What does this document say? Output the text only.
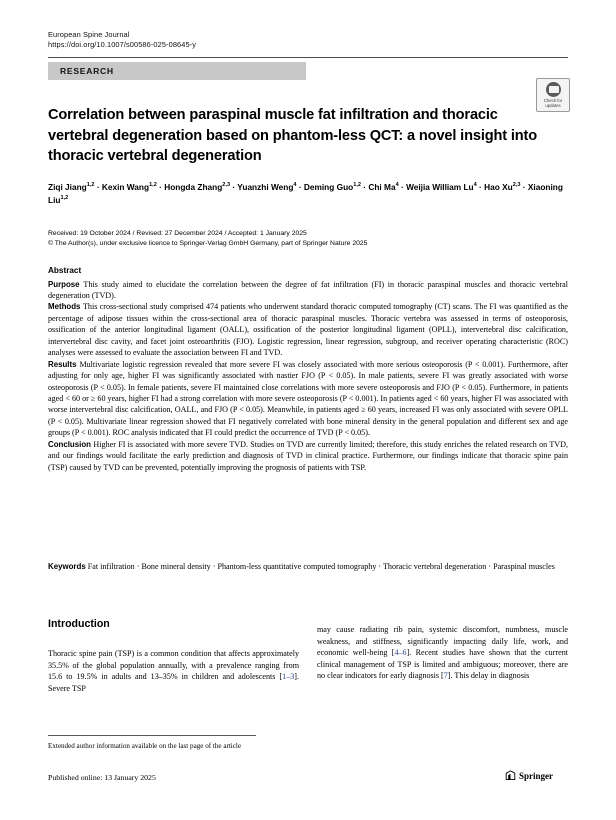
European Spine Journal
https://doi.org/10.1007/s00586-025-08645-y
RESEARCH
Check for
updates
Correlation between paraspinal muscle fat infiltration and thoracic vertebral degeneration based on phantom-less QCT: a novel insight into thoracic vertebral degeneration
Ziqi Jiang$^{1,2}$ · Kexin Wang$^{1,2}$ · Hongda Zhang$^{2,3}$ · Yuanzhi Weng$^4$ · Deming Guo$^{1,2}$ · Chi $Ma^4$ · Weijia William $Lu^4$ · Hao Xu$^{2,3}$ · Xiaoning Liu$^{1,2}$
Received: 19 October 2024 / Revised: 27 December 2024 / Accepted: 1 January 2025
© The Author(s), under exclusive licence to Springer-Verlag GmbH Germany, part of Springer Nature 2025
Abstract

Purpose This study aimed to elucidate the correlation between the degree of fat infiltration (FI) in thoracic paraspinal muscles and thoracic vertebral degeneration (TVD).

Methods This cross-sectional study comprised 474 patients who underwent standard thoracic computed tomography (CT) scans. The FI was quantified as the percentage of adipose tissues within the cross-sectional area of thoracic paraspinal muscles. Thoracic vertebra was assessed in terms of osteoporosis, ossification of the anterior longitudinal ligament (OALL), ossification of the posterior longitudinal ligament (OPLL), intervertebral disc calcification, intervertebral disc cavity, and facet joint osteoarthritis (FJO). Logistic regression, linear regression, subgroup, and receiver operating characteristic (ROC) analyses were assessed to evaluate the association between FI and TVD.

Results Multivariate logistic regression revealed that more severe FI was closely associated with more serious osteoporosis (P < 0.001). Furthermore, after adjusting for only age, higher FI was significantly associated with nastier FJO (P < 0.05). In male patients, severe FI was greatly associated with worse osteoporosis (P < 0.05). In female patients, severe FI maintained close correlations with more severe osteoporosis and FJO (P < 0.05). Furthermore, in patients aged < 60 or ≥ 60 years, higher FI had a strong correlation with more severe osteoporosis (P < 0.001). In patients aged < 60 years, higher FI was associated with worse intervertebral disc calcification, OALL, and FJO (P < 0.05). Meanwhile, in patients aged ≥ 60 years, increased FI was only associated with severe OPLL (P < 0.05). Multivariate linear regression showed that FI negatively correlated with bone mineral density in the general population and different sex and age groups (P < 0.001). ROC analysis indicated that FI could predict the occurrence of TVD (P < 0.05).

Conclusion Higher FI is associated with more severe TVD. Studies on TVD are currently limited; therefore, this study enriches the related research on TVD, and our findings would facilitate the early prediction and diagnosis of TVD in clinical practice. Furthermore, our findings indicate that thoracic spine pain (TSP) caused by TVD can be prevented, potentially improving the prognosis of patients with TSP.

Keywords Fat infiltration · Bone mineral density · Phantom-less quantitative computed tomography · Thoracic vertebral degeneration · Paraspinal muscles
Introduction
Thoracic spine pain (TSP) is a common condition that affects approximately 35.5% of the global population annually, with a prevalence ranging from 15.6 to 19.5% in adults and 13–35% in children and adolescents [1–3]. Severe TSP
may cause radiating rib pain, systemic discomfort, numbness, muscle weakness, and stiffness, significantly impacting daily life, work, and economic well-being [4–6]. Recent studies have shown that the current clinical management of TSP is limited and ambiguous; moreover, there are no clear indicators for early diagnosis [7]. This delay in diagnosis
Extended author information available on the last page of the article
Published online: 13 January 2025	Springer
